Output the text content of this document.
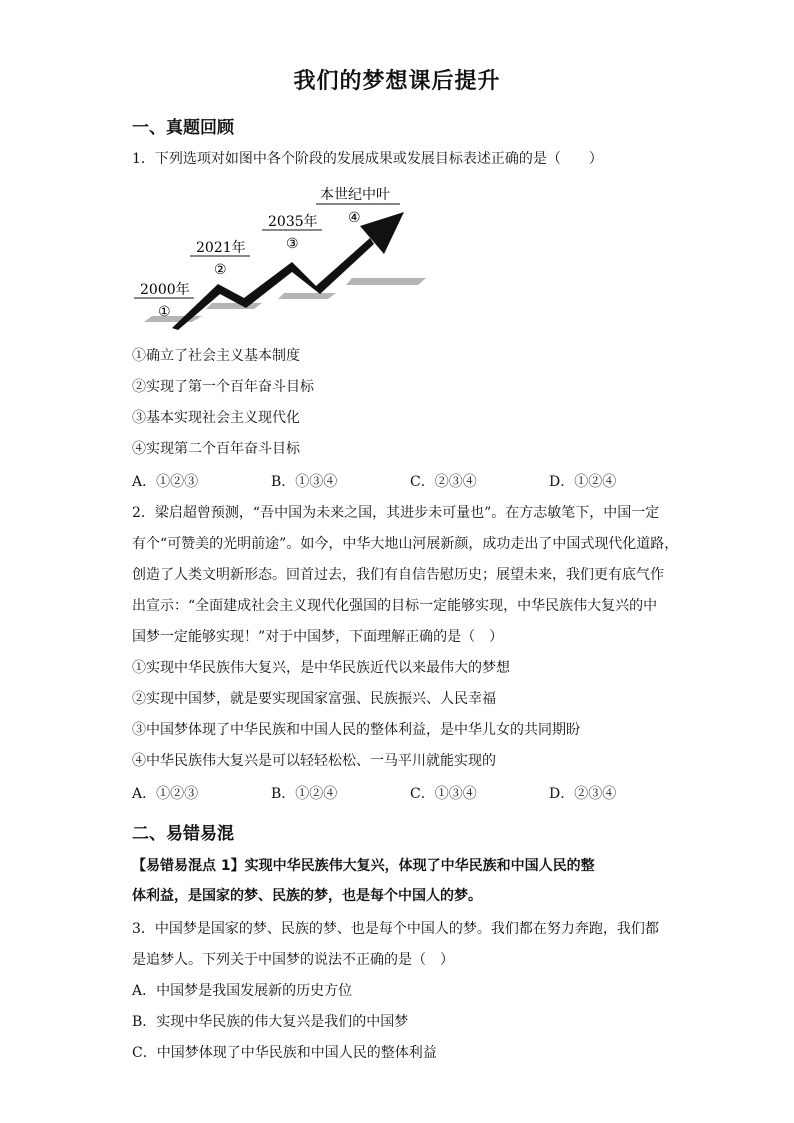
我们的梦想课后提升
一、真题回顾
1．下列选项对如图中各个阶段的发展成果或发展目标表述正确的是（　　）
2000年
①
2021年
②
2035年
③
本世纪中叶
④
①确立了社会主义基本制度
②实现了第一个百年奋斗目标
③基本实现社会主义现代化
④实现第二个百年奋斗目标
A．①②③	B．①③④	C．②③④	D．①②④
2．梁启超曾预测，“吾中国为未来之国，其进步未可量也”。在方志敏笔下，中国一定
有个“可赞美的光明前途”。如今，中华大地山河展新颜，成功走出了中国式现代化道路，
创造了人类文明新形态。回首过去，我们有自信告慰历史；展望未来，我们更有底气作
出宣示：“全面建成社会主义现代化强国的目标一定能够实现，中华民族伟大复兴的中
国梦一定能够实现！”对于中国梦，下面理解正确的是（　）
①实现中华民族伟大复兴，是中华民族近代以来最伟大的梦想
②实现中国梦，就是要实现国家富强、民族振兴、人民幸福
③中国梦体现了中华民族和中国人民的整体利益，是中华儿女的共同期盼
④中华民族伟大复兴是可以轻轻松松、一马平川就能实现的
A．①②③	B．①②④	C．①③④	D．②③④
二、易错易混
【易错易混点 1】实现中华民族伟大复兴，体现了中华民族和中国人民的整
体利益，是国家的梦、民族的梦，也是每个中国人的梦。
3．中国梦是国家的梦、民族的梦、也是每个中国人的梦。我们都在努力奔跑，我们都
是追梦人。下列关于中国梦的说法不正确的是（　）
A．中国梦是我国发展新的历史方位
B．实现中华民族的伟大复兴是我们的中国梦
C．中国梦体现了中华民族和中国人民的整体利益
